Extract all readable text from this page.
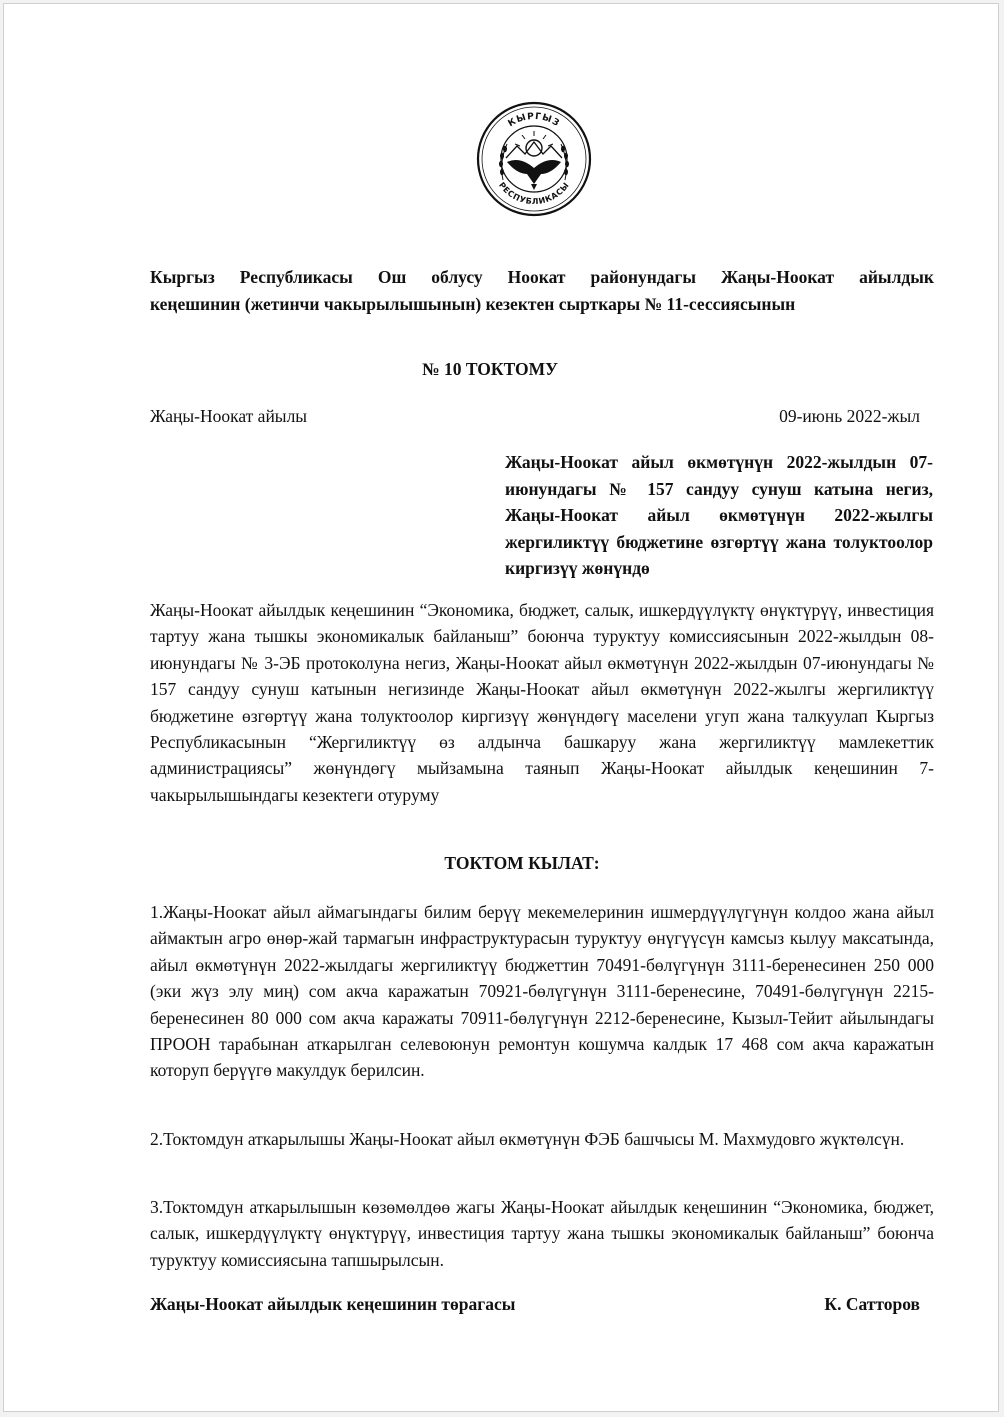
КЫРГЫЗ
РЕСПУБЛИКАСЫ
Кыргыз Республикасы Ош облусу Ноокат районундагы Жаңы-Ноокат айылдык
кеңешинин (жетинчи чакырылышынын) кезектен сырткары № 11-сессиясынын
№ 10 ТОКТОМУ
Жаңы-Ноокат айылы	09-июнь 2022-жыл
Жаңы-Ноокат айыл өкмөтүнүн 2022-жылдын 07-июнундагы № 157 сандуу сунуш катына негиз, Жаңы-Ноокат айыл өкмөтүнүн 2022-жылгы жергиликтүү бюджетине өзгөртүү жана толуктоолор киргизүү жөнүндө

Жаңы-Ноокат айылдык кеңешинин “Экономика, бюджет, салык, ишкердүүлүктү өнүктүрүү, инвестиция тартуу жана тышкы экономикалык байланыш” боюнча туруктуу комиссиясынын 2022-жылдын 08-июнундагы № 3-ЭБ протоколуна негиз, Жаңы-Ноокат айыл өкмөтүнүн 2022-жылдын 07-июнундагы № 157 сандуу сунуш катынын негизинде Жаңы-Ноокат айыл өкмөтүнүн 2022-жылгы жергиликтүү бюджетине өзгөртүү жана толуктоолор киргизүү жөнүндөгү маселени угуп жана талкуулап Кыргыз Республикасынын “Жергиликтүү өз алдынча башкаруу жана жергиликтүү мамлекеттик администрациясы” жөнүндөгү мыйзамына таянып Жаңы-Ноокат айылдык кеңешинин 7-чакырылышындагы кезектеги отуруму

ТОКТОМ КЫЛАТ:

1.Жаңы-Ноокат айыл аймагындагы билим берүү мекемелеринин ишмердүүлүгүнүн колдоо жана айыл аймактын агро өнөр-жай тармагын инфраструктурасын туруктуу өнүгүүсүн камсыз кылуу максатында, айыл өкмөтүнүн 2022-жылдагы жергиликтүү бюджеттин 70491-бөлүгүнүн 3111-беренесинен 250 000 (эки жүз элу миң) сом акча каражатын 70921-бөлүгүнүн 3111-беренесине, 70491-бөлүгүнүн 2215-беренесинен 80 000 сом акча каражаты 70911-бөлүгүнүн 2212-беренесине, Кызыл-Тейит айылындагы ПРООН тарабынан аткарылган селевоюнун ремонтун кошумча калдык 17 468 сом акча каражатын которуп берүүгө макулдук берилсин.

2.Токтомдун аткарылышы Жаңы-Ноокат айыл өкмөтүнүн ФЭБ башчысы М. Махмудовго жүктөлсүн.

3.Токтомдун аткарылышын көзөмөлдөө жагы Жаңы-Ноокат айылдык кеңешинин “Экономика, бюджет, салык, ишкердүүлүктү өнүктүрүү, инвестиция тартуу жана тышкы экономикалык байланыш” боюнча туруктуу комиссиясына тапшырылсын.

Жаңы-Ноокат айылдык кеңешинин төрагасы	К. Сатторов
